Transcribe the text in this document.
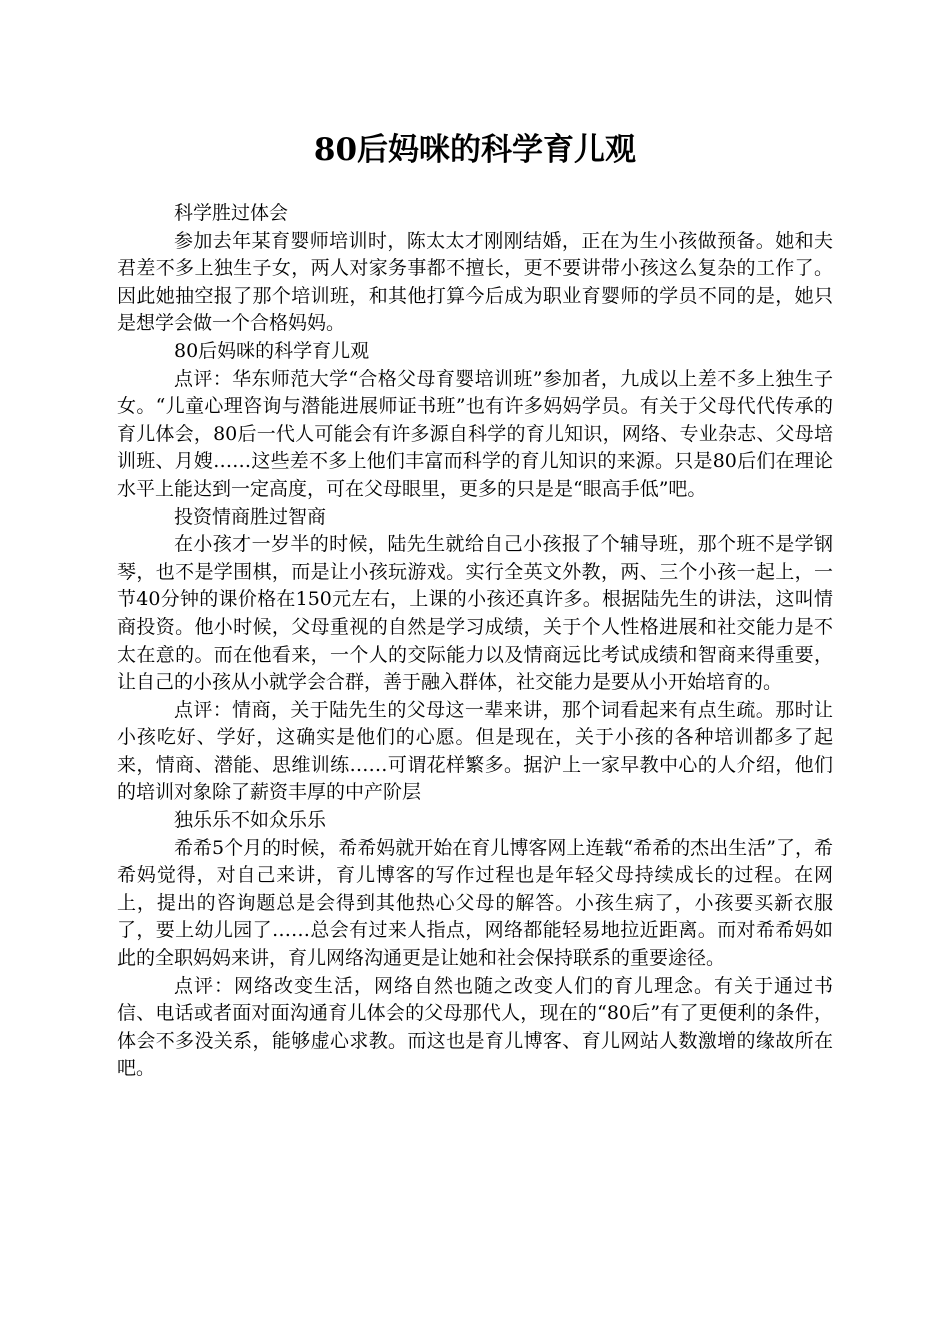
80后妈咪的科学育儿观

科学胜过体会

参加去年某育婴师培训时，陈太太才刚刚结婚，正在为生小孩做预备。她和夫君差不多上独生子女，两人对家务事都不擅长，更不要讲带小孩这么复杂的工作了。因此她抽空报了那个培训班，和其他打算今后成为职业育婴师的学员不同的是，她只是想学会做一个合格妈妈。

80后妈咪的科学育儿观

点评：华东师范大学“合格父母育婴培训班”参加者，九成以上差不多上独生子女。“儿童心理咨询与潜能进展师证书班”也有许多妈妈学员。有关于父母代代传承的育儿体会，80后一代人可能会有许多源自科学的育儿知识，网络、专业杂志、父母培训班、月嫂……这些差不多上他们丰富而科学的育儿知识的来源。只是80后们在理论水平上能达到一定高度，可在父母眼里，更多的只是是“眼高手低”吧。

投资情商胜过智商

在小孩才一岁半的时候，陆先生就给自己小孩报了个辅导班，那个班不是学钢琴，也不是学围棋，而是让小孩玩游戏。实行全英文外教，两、三个小孩一起上，一节40分钟的课价格在150元左右，上课的小孩还真许多。根据陆先生的讲法，这叫情商投资。他小时候，父母重视的自然是学习成绩，关于个人性格进展和社交能力是不太在意的。而在他看来，一个人的交际能力以及情商远比考试成绩和智商来得重要，让自己的小孩从小就学会合群，善于融入群体，社交能力是要从小开始培育的。

点评：情商，关于陆先生的父母这一辈来讲，那个词看起来有点生疏。那时让小孩吃好、学好，这确实是他们的心愿。但是现在，关于小孩的各种培训都多了起来，情商、潜能、思维训练……可谓花样繁多。据沪上一家早教中心的人介绍，他们的培训对象除了薪资丰厚的中产阶层

独乐乐不如众乐乐

希希5个月的时候，希希妈就开始在育儿博客网上连载“希希的杰出生活”了，希希妈觉得，对自己来讲，育儿博客的写作过程也是年轻父母持续成长的过程。在网上，提出的咨询题总是会得到其他热心父母的解答。小孩生病了，小孩要买新衣服了，要上幼儿园了……总会有过来人指点，网络都能轻易地拉近距离。而对希希妈如此的全职妈妈来讲，育儿网络沟通更是让她和社会保持联系的重要途径。

点评：网络改变生活，网络自然也随之改变人们的育儿理念。有关于通过书信、电话或者面对面沟通育儿体会的父母那代人，现在的“80后”有了更便利的条件，体会不多没关系，能够虚心求教。而这也是育儿博客、育儿网站人数激增的缘故所在吧。
